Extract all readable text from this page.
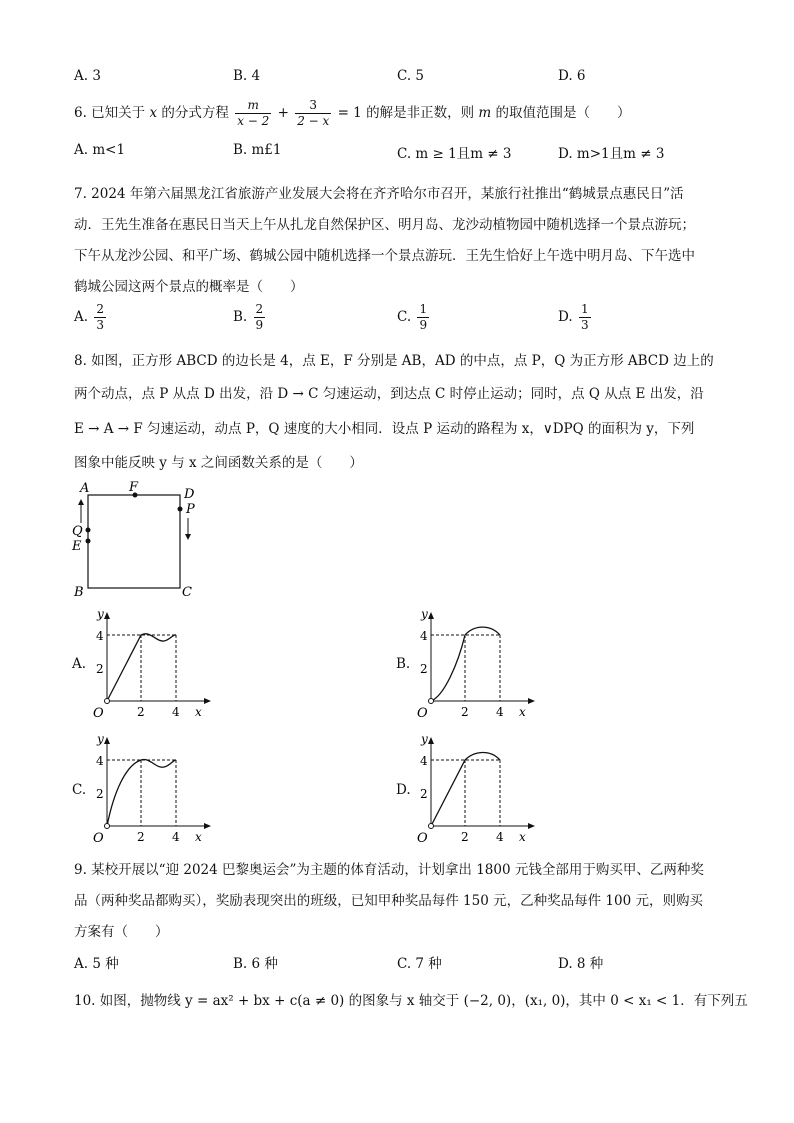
A. 3	B. 4	C. 5	D. 6
6. 已知关于 x 的分式方程 $\frac{m}{x - 2} + \frac{3}{2 - x} = 1$ 的解是非正数，则 m 的取值范围是（　　）
A. m<1	B. m£1	C. m ≥ 1且m ≠ 3	D. m>1且m ≠ 3
7. 2024 年第六届黑龙江省旅游产业发展大会将在齐齐哈尔市召开，某旅行社推出“鹤城景点惠民日”活
动．王先生准备在惠民日当天上午从扎龙自然保护区、明月岛、龙沙动植物园中随机选择一个景点游玩；
下午从龙沙公园、和平广场、鹤城公园中随机选择一个景点游玩．王先生恰好上午选中明月岛、下午选中
鹤城公园这两个景点的概率是（　　）
A. $\frac{2}{3}$	B. $\frac{2}{9}$	C. $\frac{1}{9}$	D. $\frac{1}{3}$
8. 如图，正方形 ABCD 的边长是 4，点 E，F 分别是 AB，AD 的中点，点 P，Q 为正方形 ABCD 边上的
两个动点，点 P 从点 D 出发，沿 D → C 匀速运动，到达点 C 时停止运动；同时，点 Q 从点 E 出发，沿
E → A → F 匀速运动，动点 P，Q 速度的大小相同．设点 P 运动的路程为 x，∨DPQ 的面积为 y，下列
图象中能反映 y 与 x 之间函数关系的是（　　）
A	F	D
P
Q
E
B	C
A.	B.
C.	D.
y
x
O
4
2
2 4
y
x
O
4
2
2 4
y
x
O
4
2
2 4
y
x
O
4
2
2 4
9. 某校开展以“迎 2024 巴黎奥运会”为主题的体育活动，计划拿出 1800 元钱全部用于购买甲、乙两种奖
品（两种奖品都购买），奖励表现突出的班级，已知甲种奖品每件 150 元，乙种奖品每件 100 元，则购买
方案有（　　）
A. 5 种	B. 6 种	C. 7 种	D. 8 种
10. 如图，抛物线 y = ax² + bx + c(a ≠ 0) 的图象与 x 轴交于 (−2, 0)，(x₁, 0)，其中 0 < x₁ < 1．有下列五
